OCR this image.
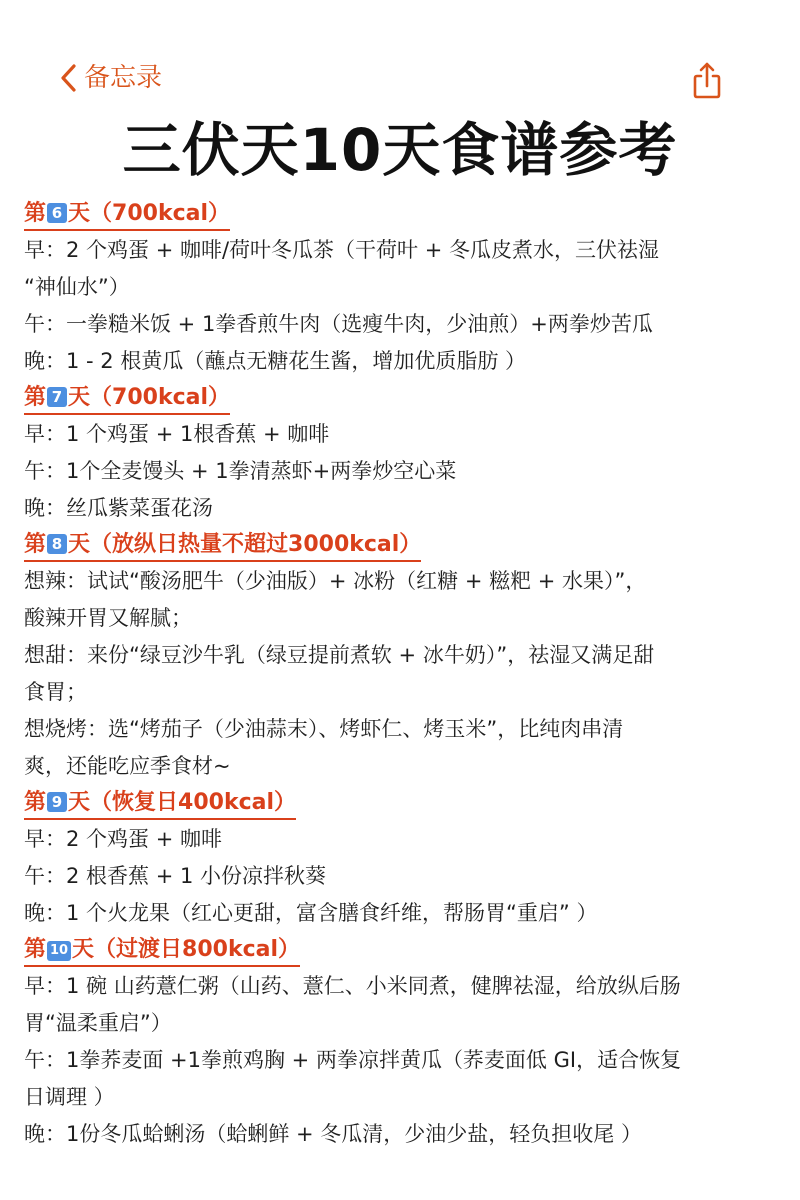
备忘录
三伏天10天食谱参考
第 6 天（700kcal）
早：2 个鸡蛋 + 咖啡/荷叶冬瓜茶（干荷叶 + 冬瓜皮煮水，三伏祛湿
“神仙水”）
午：一拳糙米饭 + 1拳香煎牛肉（选瘦牛肉，少油煎）+两拳炒苦瓜
晚：1 - 2 根黄瓜（蘸点无糖花生酱，增加优质脂肪 ）
第 7 天（700kcal）
早：1 个鸡蛋 + 1根香蕉 + 咖啡
午：1个全麦馒头 + 1拳清蒸虾+两拳炒空心菜
晚：丝瓜紫菜蛋花汤
第 8 天（放纵日热量不超过3000kcal）
想辣：试试“酸汤肥牛（少油版）+ 冰粉（红糖 + 糍粑 + 水果）”，
酸辣开胃又解腻；
想甜：来份“绿豆沙牛乳（绿豆提前煮软 + 冰牛奶）”，祛湿又满足甜
食胃；
想烧烤：选“烤茄子（少油蒜末）、烤虾仁、烤玉米”，比纯肉串清
爽，还能吃应季食材~
第 9 天（恢复日400kcal）
早：2 个鸡蛋 + 咖啡
午：2 根香蕉 + 1 小份凉拌秋葵
晚：1 个火龙果（红心更甜，富含膳食纤维，帮肠胃“重启” ）
第 10 天（过渡日800kcal）
早：1 碗 山药薏仁粥（山药、薏仁、小米同煮，健脾祛湿，给放纵后肠
胃“温柔重启”）
午：1拳荞麦面 +1拳煎鸡胸 + 两拳凉拌黄瓜（荞麦面低 GI，适合恢复
日调理 ）
晚：1份冬瓜蛤蜊汤（蛤蜊鲜 + 冬瓜清，少油少盐，轻负担收尾 ）
